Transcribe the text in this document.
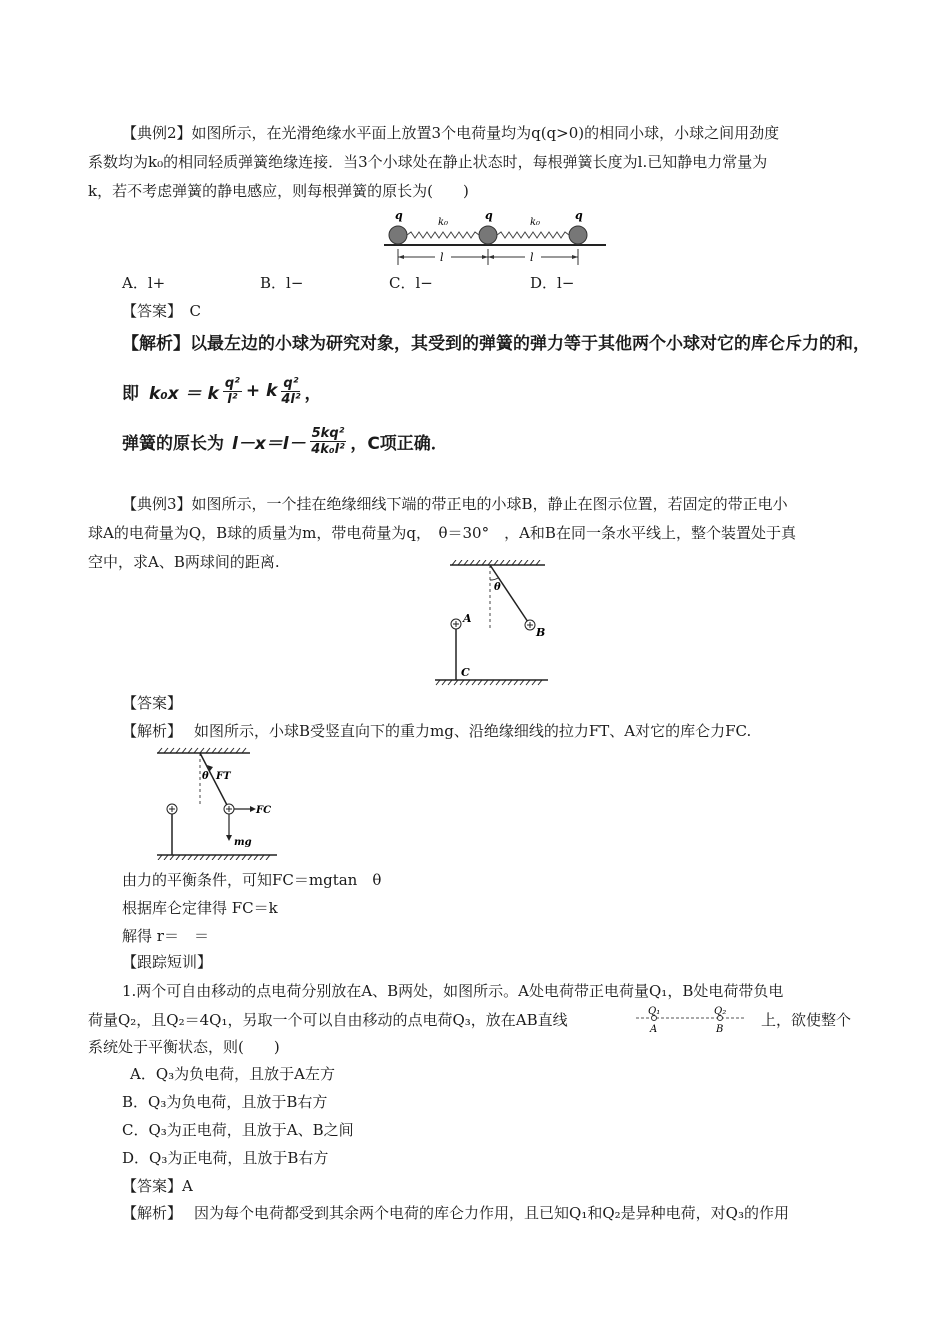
【典例2】如图所示，在光滑绝缘水平面上放置3个电荷量均为q(q>0)的相同小球，小球之间用劲度
系数均为k₀的相同轻质弹簧绝缘连接．当3个小球处在静止状态时，每根弹簧长度为l.已知静电力常量为
k，若不考虑弹簧的静电感应，则每根弹簧的原长为(　　)
q	q	q
k₀	k₀
l	l
A．l+	B．l−	C．l−	D．l−
【答案】　C
【解析】以最左边的小球为研究对象，其受到的弹簧的弹力等于其他两个小球对它的库仑斥力的和，
即 k₀x ＝ k $\frac{\text{q²}}{\text{l²}} + k \frac{\text{q²}}{\text{4l²}}$ ，
弹簧的原长为 $l-x=l- \frac{\text{5kq²}}{\text{4k₀l²}}$ ，C项正确．
【典例3】如图所示，一个挂在绝缘细线下端的带正电的小球B，静止在图示位置，若固定的带正电小
球A的电荷量为Q，B球的质量为m，带电荷量为q，　θ＝30°　，A和B在同一条水平线上，整个装置处于真
空中，求A、B两球间的距离.
θ
B
A
C
【答案】
【解析】 如图所示，小球B受竖直向下的重力mg、沿绝缘细线的拉力FT、A对它的库仑力FC.
θ FT
FC
mg
由力的平衡条件，可知FC＝mgtan　θ
根据库仑定律得 FC＝k
解得 r＝　＝
【跟踪短训】
1.两个可自由移动的点电荷分别放在A、B两处，如图所示。A处电荷带正电荷量Q₁，B处电荷带负电
荷量Q₂，且Q₂＝4Q₁，另取一个可以自由移动的点电荷Q₃，放在AB直线	Q₁	Q₂
A	B
上，欲使整个
系统处于平衡状态，则(　　)
A．Q₃为负电荷，且放于A左方
B．Q₃为负电荷，且放于B右方
C．Q₃为正电荷，且放于A、B之间
D．Q₃为正电荷，且放于B右方
【答案】A
【解析】 因为每个电荷都受到其余两个电荷的库仑力作用，且已知Q₁和Q₂是异种电荷，对Q₃的作用
